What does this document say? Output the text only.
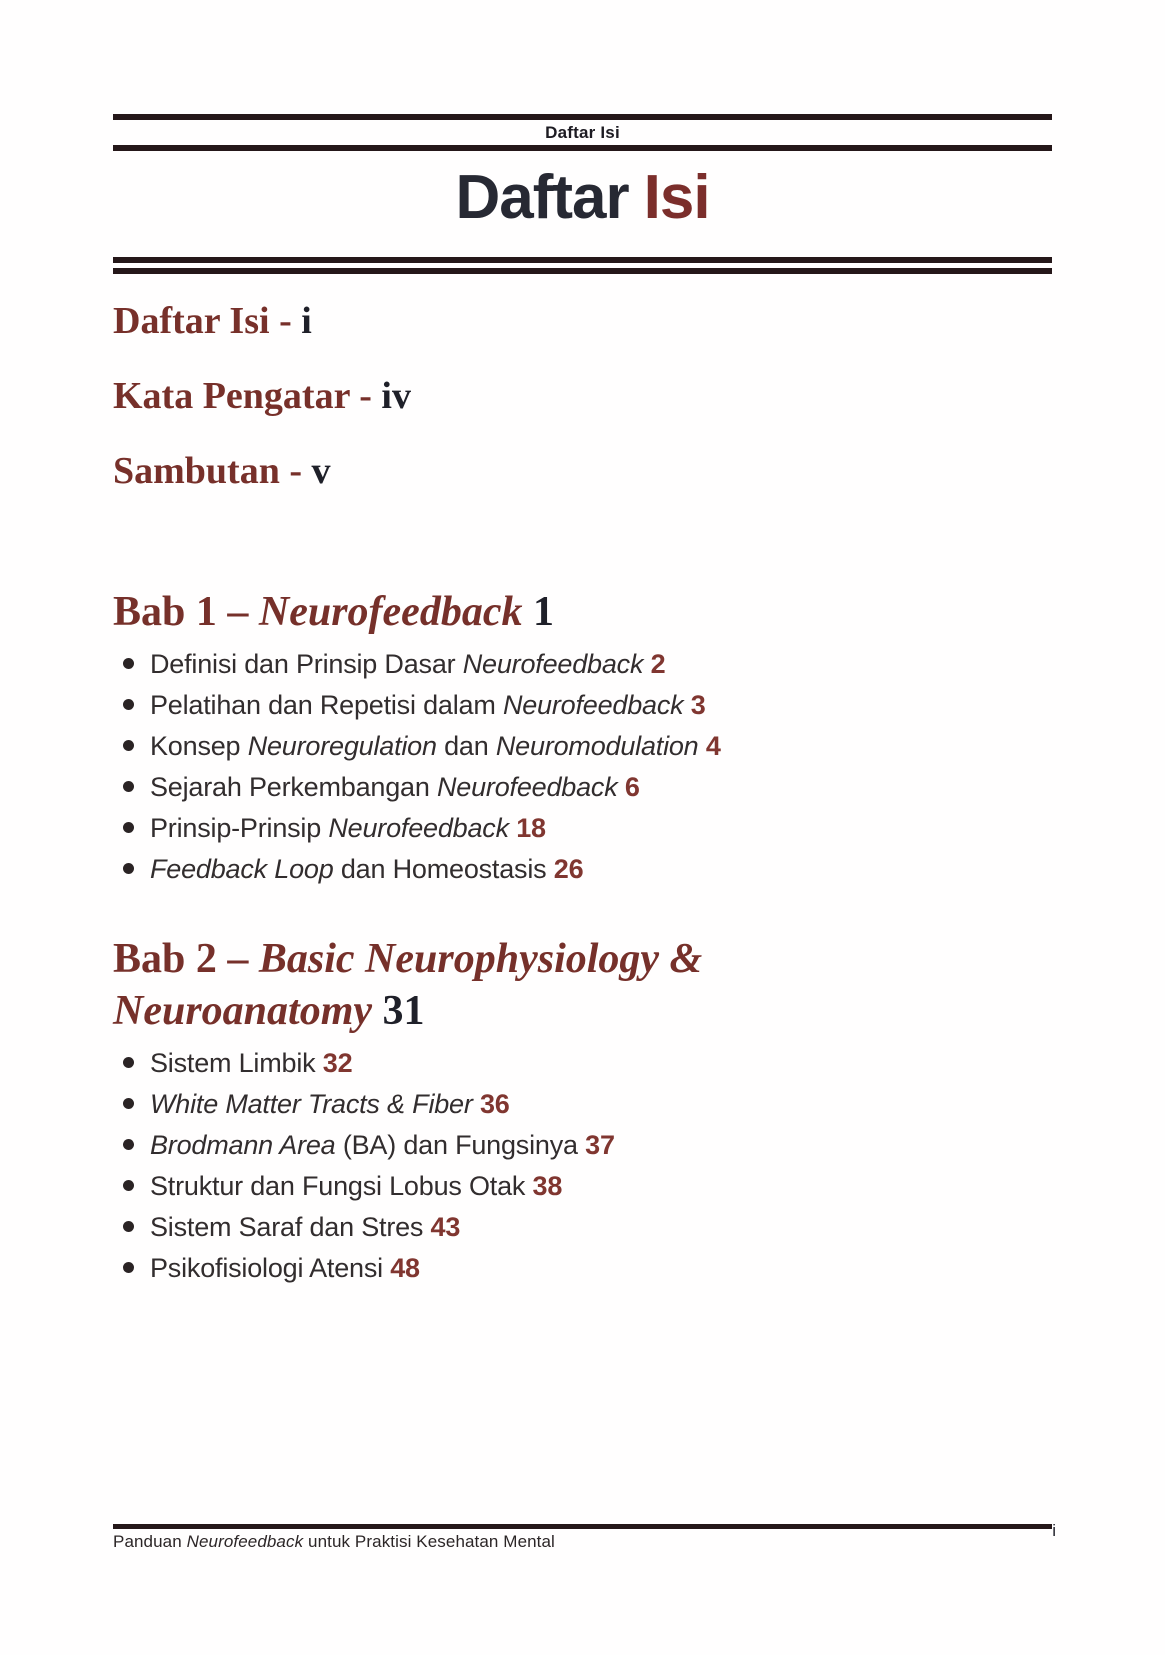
Daftar Isi
Daftar Isi
Daftar Isi - i
Kata Pengatar - iv
Sambutan - v
Bab 1 – Neurofeedback 1
Definisi dan Prinsip Dasar Neurofeedback 2
Pelatihan dan Repetisi dalam Neurofeedback 3
Konsep Neuroregulation dan Neuromodulation 4
Sejarah Perkembangan Neurofeedback 6
Prinsip-Prinsip Neurofeedback 18
Feedback Loop dan Homeostasis 26
Bab 2 – Basic Neurophysiology & Neuroanatomy 31
Sistem Limbik 32
White Matter Tracts & Fiber 36
Brodmann Area (BA) dan Fungsinya 37
Struktur dan Fungsi Lobus Otak 38
Sistem Saraf dan Stres 43
Psikofisiologi Atensi 48
Panduan Neurofeedback untuk Praktisi Kesehatan Mental
i
